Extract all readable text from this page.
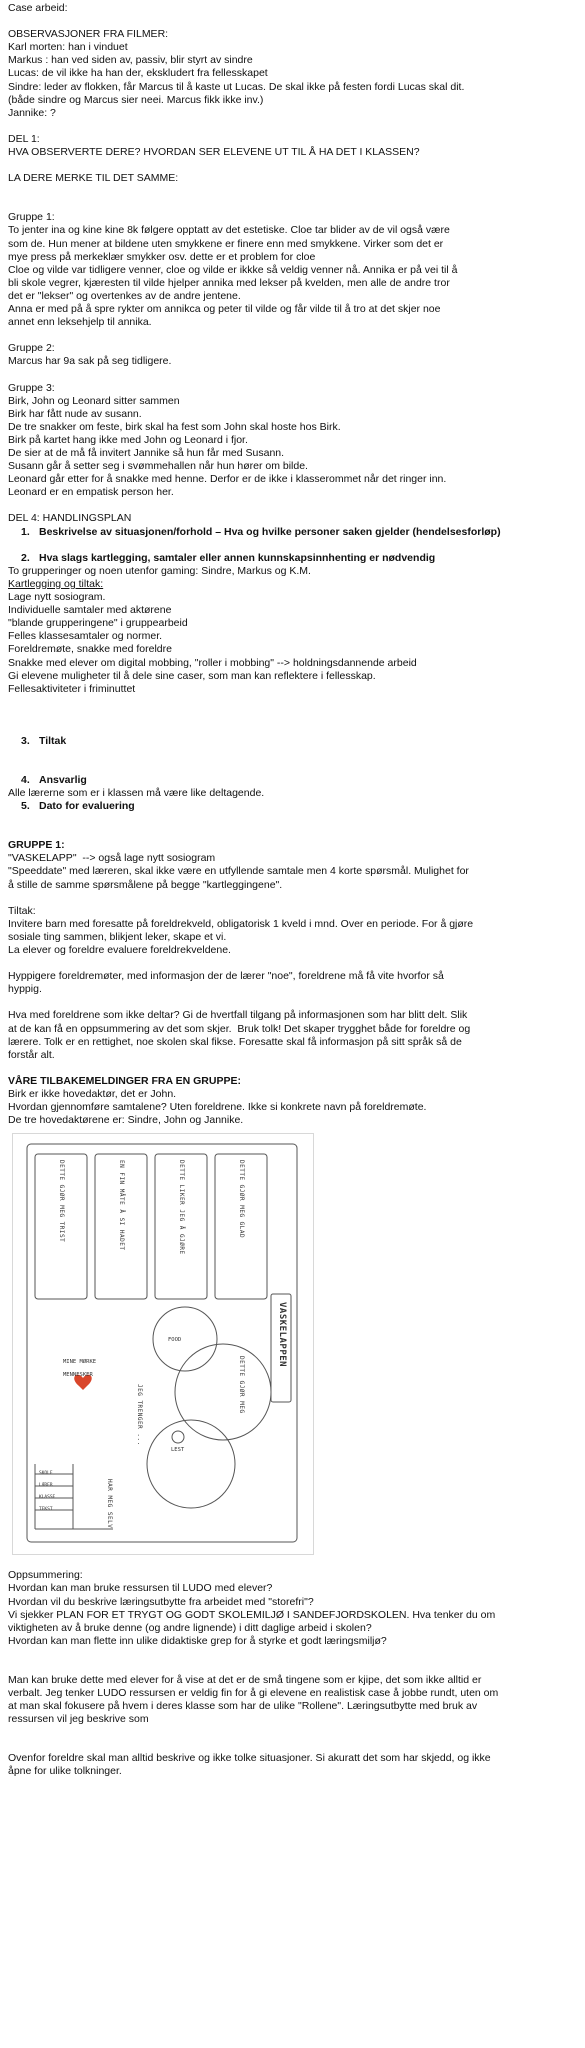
Case arbeid:
OBSERVASJONER FRA FILMER:
Karl morten: han i vinduet
Markus : han ved siden av, passiv, blir styrt av sindre
Lucas: de vil ikke ha han der, ekskludert fra fellesskapet
Sindre: leder av flokken, får Marcus til å kaste ut Lucas. De skal ikke på festen fordi Lucas skal dit.
(både sindre og Marcus sier neei. Marcus fikk ikke inv.)
Jannike: ?
DEL 1:
HVA OBSERVERTE DERE? HVORDAN SER ELEVENE UT TIL Å HA DET I KLASSEN?
LA DERE MERKE TIL DET SAMME:
Gruppe 1:
To jenter ina og kine kine 8k følgere opptatt av det estetiske. Cloe tar blider av de vil også være
som de. Hun mener at bildene uten smykkene er finere enn med smykkene. Virker som det er
mye press på merkeklær smykker osv. dette er et problem for cloe
Cloe og vilde var tidligere venner, cloe og vilde er ikkke så veldig venner nå. Annika er på vei til å
bli skole vegrer, kjæresten til vilde hjelper annika med lekser på kvelden, men alle de andre tror
det er "lekser" og overtenkes av de andre jentene.
Anna er med på å spre rykter om annikca og peter til vilde og får vilde til å tro at det skjer noe
annet enn leksehjelp til annika.
Gruppe 2:
Marcus har 9a sak på seg tidligere.
Gruppe 3:
Birk, John og Leonard sitter sammen
Birk har fått nude av susann.
De tre snakker om feste, birk skal ha fest som John skal hoste hos Birk.
Birk på kartet hang ikke med John og Leonard i fjor.
De sier at de må få invitert Jannike så hun får med Susann.
Susann går å setter seg i svømmehallen når hun hører om bilde.
Leonard går etter for å snakke med henne. Derfor er de ikke i klasserommet når det ringer inn.
Leonard er en empatisk person her.
DEL 4: HANDLINGSPLAN
1. Beskrivelse av situasjonen/forhold – Hva og hvilke personer saken gjelder (hendelsesforløp)
2. Hva slags kartlegging, samtaler eller annen kunnskapsinnhenting er nødvendig
To grupperinger og noen utenfor gaming: Sindre, Markus og K.M.
Kartlegging og tiltak:
Lage nytt sosiogram.
Individuelle samtaler med aktørene
"blande grupperingene" i gruppearbeid
Felles klassesamtaler og normer.
Foreldremøte, snakke med foreldre
Snakke med elever om digital mobbing, "roller i mobbing" --> holdningsdannende arbeid
Gi elevene muligheter til å dele sine caser, som man kan reflektere i fellesskap.
Fellesaktiviteter i friminuttet
3. Tiltak
4. Ansvarlig
Alle lærerne som er i klassen må være like deltagende.
5. Dato for evaluering
GRUPPE 1:
"VASKELAPP"  --> også lage nytt sosiogram
"Speeddate" med læreren, skal ikke være en utfyllende samtale men 4 korte spørsmål. Mulighet for
å stille de samme spørsmålene på begge "kartleggingene".
Tiltak:
Invitere barn med foresatte på foreldrekveld, obligatorisk 1 kveld i mnd. Over en periode. For å gjøre
sosiale ting sammen, blikjent leker, skape et vi.
La elever og foreldre evaluere foreldrekveldene.
Hyppigere foreldremøter, med informasjon der de lærer "noe", foreldrene må få vite hvorfor så
hyppig.
Hva med foreldrene som ikke deltar? Gi de hvertfall tilgang på informasjonen som har blitt delt. Slik
at de kan få en oppsummering av det som skjer.  Bruk tolk! Det skaper trygghet både for foreldre og
lærere. Tolk er en rettighet, noe skolen skal fikse. Foresatte skal få informasjon på sitt språk så de
forstår alt.
VÅRE TILBAKEMELDINGER FRA EN GRUPPE:
Birk er ikke hovedaktør, det er John.
Hvordan gjennomføre samtalene? Uten foreldrene. Ikke si konkrete navn på foreldremøte.
De tre hovedaktørene er: Sindre, John og Jannike.
DETTE GJØR MEG TRIST	EN FIN MÅTE Å SI HADET	DETTE LIKER JEG Å GJØRE	DETTE GJØR MEG GLAD
VASKELAPPEN
MINE MØRKE MENNESKER
FOOD
DETTE GJØR MEG
LEST
JEG TRENGER ...
HAR MEG SELV
SKOLE
LÆRER
KLASSE
TEKST
Oppsummering:
Hvordan kan man bruke ressursen til LUDO med elever?
Hvordan vil du beskrive læringsutbytte fra arbeidet med "storefri"?
Vi sjekker PLAN FOR ET TRYGT OG GODT SKOLEMILJØ I SANDEFJORDSKOLEN. Hva tenker du om
viktigheten av å bruke denne (og andre lignende) i ditt daglige arbeid i skolen?
Hvordan kan man flette inn ulike didaktiske grep for å styrke et godt læringsmiljø?
Man kan bruke dette med elever for å vise at det er de små tingene som er kjipe, det som ikke alltid er
verbalt. Jeg tenker LUDO ressursen er veldig fin for å gi elevene en realistisk case å jobbe rundt, uten om
at man skal fokusere på hvem i deres klasse som har de ulike "Rollene". Læringsutbytte med bruk av
ressursen vil jeg beskrive som
Ovenfor foreldre skal man alltid beskrive og ikke tolke situasjoner. Si akuratt det som har skjedd, og ikke
åpne for ulike tolkninger.
